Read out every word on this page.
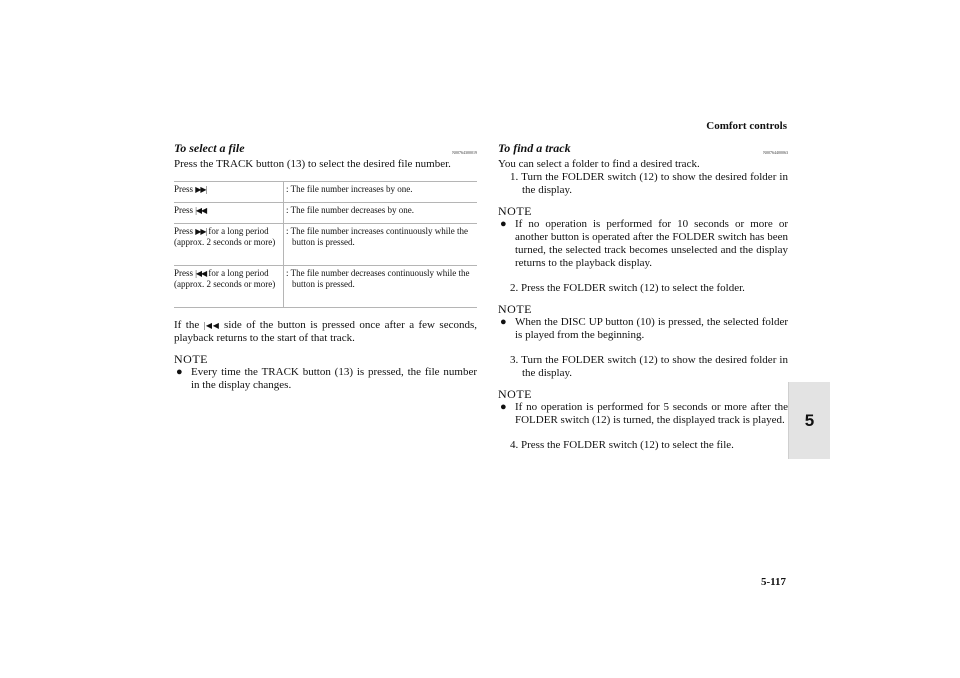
Comfort controls
5
To select a file	N00764300019

Press the TRACK button (13) to select the desired file number.

Press ▶▶|	: The file number increases by one.
Press |◀◀	: The file number decreases by one.
Press ▶▶| for a long period (approx. 2 seconds or more)	: The file number increases continuously while the button is pressed.
Press |◀◀ for a long period (approx. 2 seconds or more)	: The file number decreases continuously while the button is pressed.

If the |◀◀ side of the button is pressed once after a few seconds, playback returns to the start of that track.

NOTE
● Every time the TRACK button (13) is pressed, the file number in the display changes.
To find a track	N00764400063

You can select a folder to find a desired track.

1. Turn the FOLDER switch (12) to show the desired folder in the display.

NOTE
● If no operation is performed for 10 seconds or more or another button is operated after the FOLDER switch has been turned, the selected track becomes unselected and the display returns to the playback display.

2. Press the FOLDER switch (12) to select the folder.

NOTE
● When the DISC UP button (10) is pressed, the selected folder is played from the beginning.

3. Turn the FOLDER switch (12) to show the desired folder in the display.

NOTE
● If no operation is performed for 5 seconds or more after the FOLDER switch (12) is turned, the displayed track is played.

4. Press the FOLDER switch (12) to select the file.

5-117
